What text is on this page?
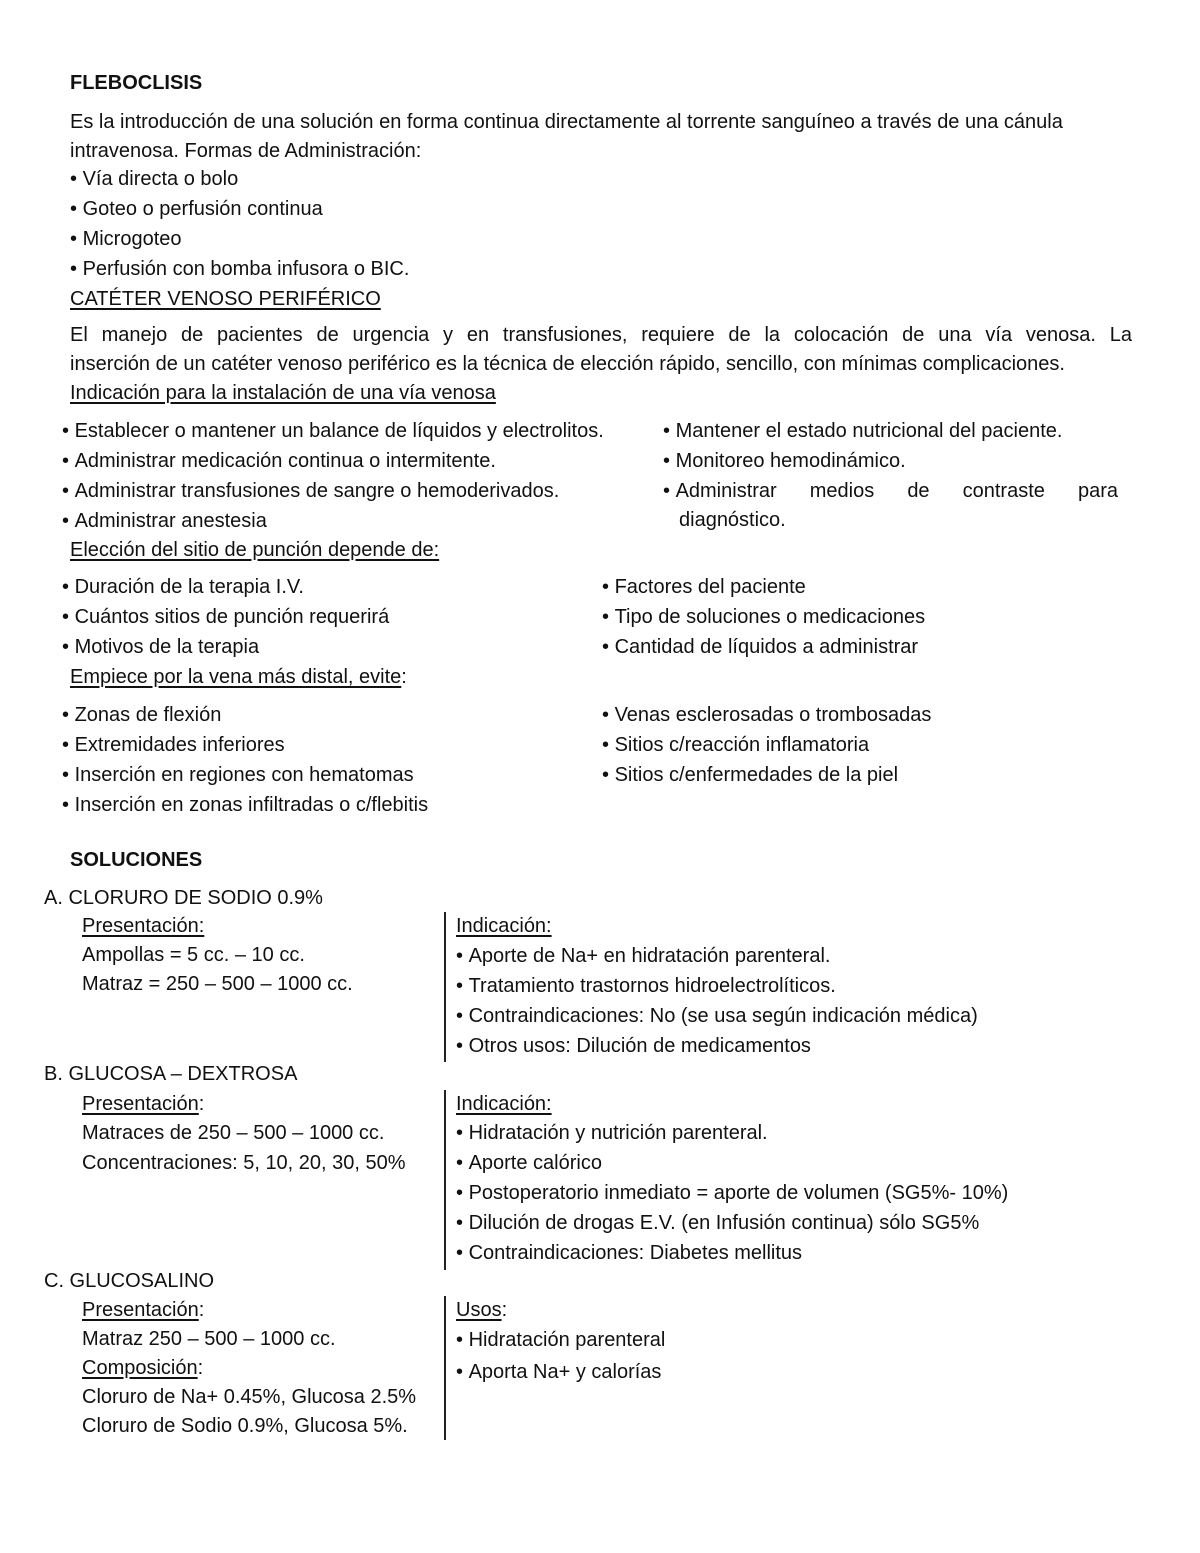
FLEBOCLISIS
Es la introducción de una solución en forma continua directamente al torrente sanguíneo a través de una cánula
intravenosa. Formas de Administración:
• Vía directa o bolo
• Goteo o perfusión continua
• Microgoteo
• Perfusión con bomba infusora o BIC.
CATÉTER VENOSO PERIFÉRICO
El manejo de pacientes de urgencia y en transfusiones, requiere de la colocación de una vía venosa. La
inserción de un catéter venoso periférico es la técnica de elección rápido, sencillo, con mínimas complicaciones.
Indicación para la instalación de una vía venosa
• Establecer o mantener un balance de líquidos y electrolitos.
• Administrar medicación continua o intermitente.
• Administrar transfusiones de sangre o hemoderivados.
• Administrar anestesia
• Mantener el estado nutricional del paciente.
• Monitoreo hemodinámico.
•
Administrar medios de contraste para
diagnóstico.
Elección del sitio de punción depende de:
• Duración de la terapia I.V.
• Cuántos sitios de punción requerirá
• Motivos de la terapia
• Factores del paciente
• Tipo de soluciones o medicaciones
• Cantidad de líquidos a administrar
Empiece por la vena más distal, evite:
• Zonas de flexión
• Extremidades inferiores
• Inserción en regiones con hematomas
• Inserción en zonas infiltradas o c/flebitis
• Venas esclerosadas o trombosadas
• Sitios c/reacción inflamatoria
• Sitios c/enfermedades de la piel
SOLUCIONES
A. CLORURO DE SODIO 0.9%
Presentación:
Ampollas = 5 cc. – 10 cc.
Matraz = 250 – 500 – 1000 cc.
Indicación:
• Aporte de Na+ en hidratación parenteral.
• Tratamiento trastornos hidroelectrolíticos.
• Contraindicaciones: No (se usa según indicación médica)
• Otros usos: Dilución de medicamentos
B. GLUCOSA – DEXTROSA
Presentación:
Matraces de 250 – 500 – 1000 cc.
Concentraciones: 5, 10, 20, 30, 50%
Indicación:
• Hidratación y nutrición parenteral.
• Aporte calórico
• Postoperatorio inmediato = aporte de volumen (SG5%- 10%)
• Dilución de drogas E.V. (en Infusión continua) sólo SG5%
• Contraindicaciones: Diabetes mellitus
C. GLUCOSALINO
Presentación:
Matraz 250 – 500 – 1000 cc.
Composición:
Cloruro de Na+ 0.45%, Glucosa 2.5%
Cloruro de Sodio 0.9%, Glucosa 5%.
Usos:
• Hidratación parenteral
• Aporta Na+ y calorías
